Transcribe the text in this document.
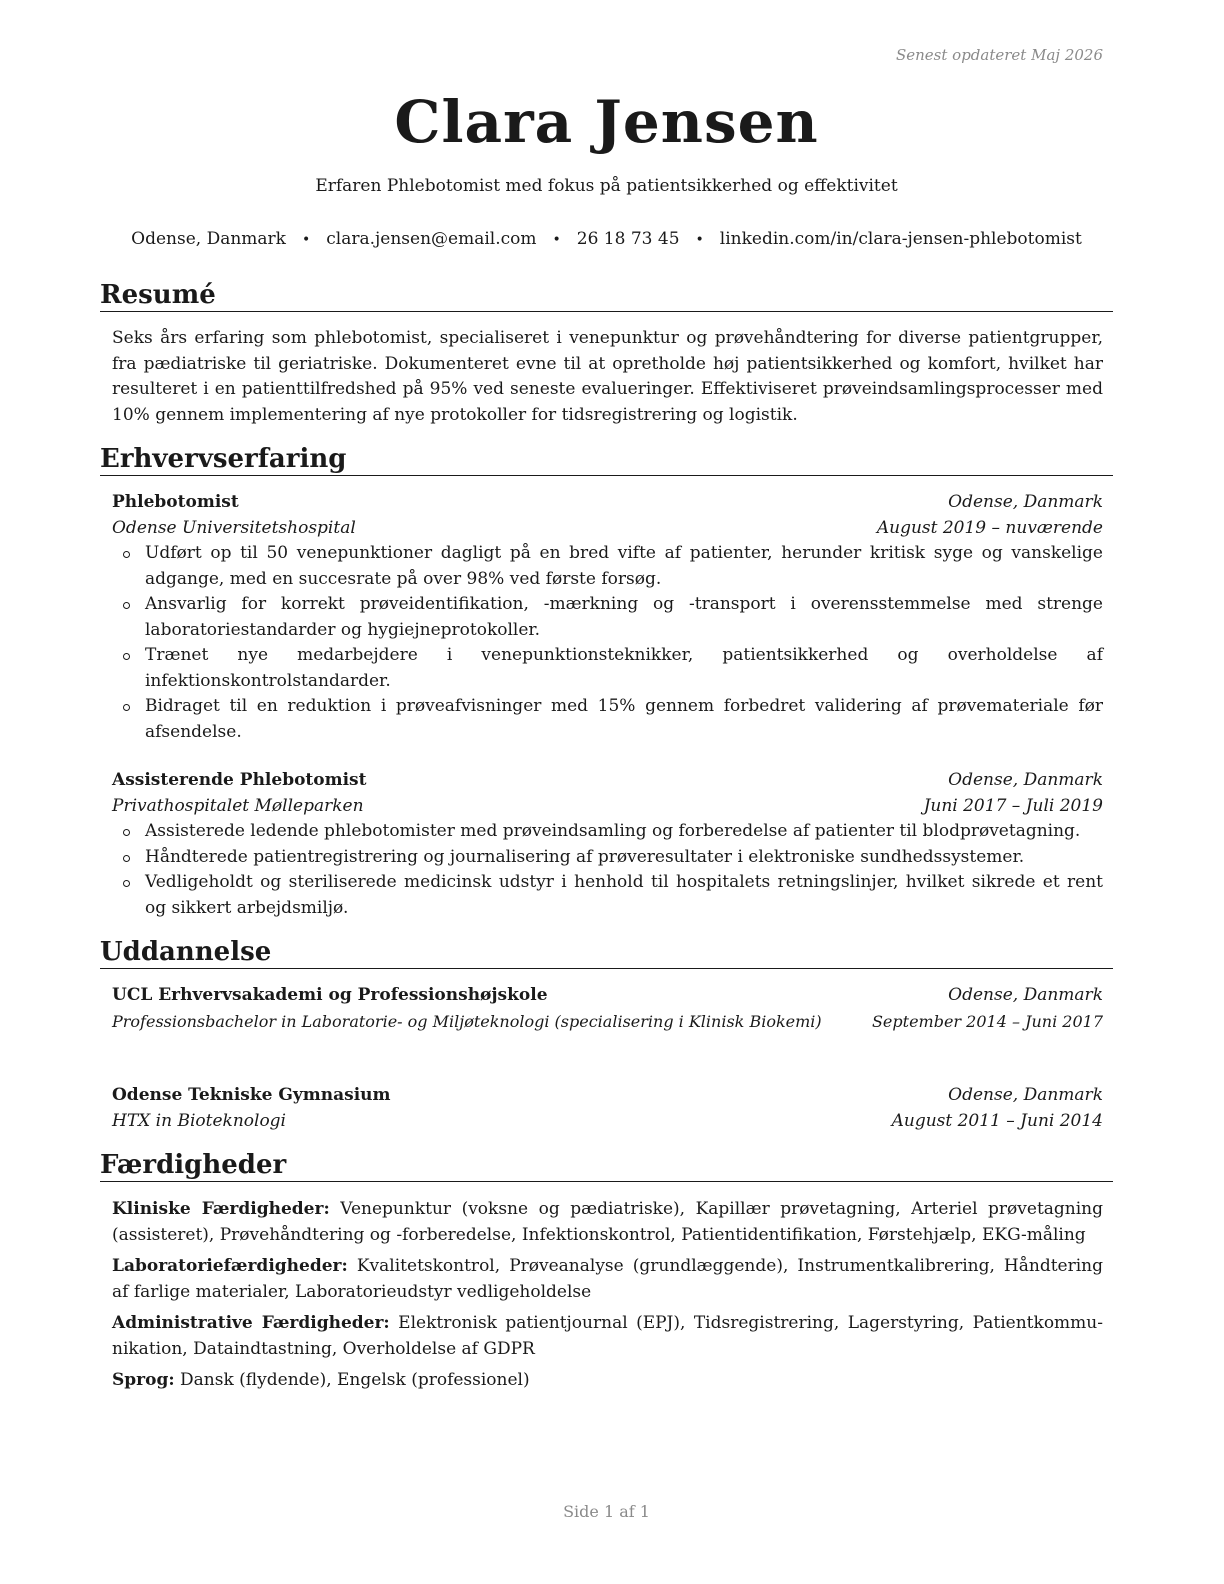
Senest opdateret Maj 2026
Clara Jensen
Erfaren Phlebotomist med fokus på patientsikkerhed og effektivitet
Odense, Danmark • clara.jensen@email.com • 26 18 73 45 • linkedin.com/in/clara-jensen-phlebotomist
Resumé
Seks års erfaring som phlebotomist, specialiseret i venepunktur og prøvehåndtering for diverse patientgrupper, fra pædiatriske til geriatriske. Dokumenteret evne til at opretholde høj patientsikkerhed og komfort, hvilket har resulteret i en patienttilfredshed på 95% ved seneste evalueringer. Effektiviseret prøveindsamlingsprocesser med 10% gennem implementering af nye protokoller for tidsregistrering og logistik.
Erhvervserfaring
Phlebotomist	Odense, Danmark
Odense Universitetshospital	August 2019 – nuværende
Udført op til 50 venepunktioner dagligt på en bred vifte af patienter, herunder kritisk syge og vanskelige adgange, med en succesrate på over 98% ved første forsøg.
Ansvarlig for korrekt prøveidentifikation, -mærkning og -transport i overensstemmelse med strenge laboratoriestandarder og hygiejneprotokoller.
Trænet nye medarbejdere i venepunktionsteknikker, patientsikkerhed og overholdelse af infektionskontrolstandarder.
Bidraget til en reduktion i prøveafvisninger med 15% gennem forbedret validering af prøvemateriale før afsendelse.
Assisterende Phlebotomist	Odense, Danmark
Privathospitalet Mølleparken	Juni 2017 – Juli 2019
Assisterede ledende phlebotomister med prøveindsamling og forberedelse af patienter til blodprøvetagning.
Håndterede patientregistrering og journalisering af prøveresultater i elektroniske sundhedssystemer.
Vedligeholdt og steriliserede medicinsk udstyr i henhold til hospitalets retningslinjer, hvilket sikrede et rent og sikkert arbejdsmiljø.
Uddannelse
UCL Erhvervsakademi og Professionshøjskole	Odense, Danmark
Professionsbachelor in Laboratorie- og Miljøteknologi (specialisering i Klinisk Biokemi)	September 2014 – Juni 2017
Odense Tekniske Gymnasium	Odense, Danmark
HTX in Bioteknologi	August 2011 – Juni 2014
Færdigheder
Kliniske Færdigheder: Venepunktur (voksne og pædiatriske), Kapillær prøvetagning, Arteriel prøvetagning (assisteret), Prøvehåndtering og -forberedelse, Infektionskontrol, Patientidentifikation, Førstehjælp, EKG-måling
Laboratoriefærdigheder: Kvalitetskontrol, Prøveanalyse (grundlæggende), Instrumentkalibrering, Håndtering af farlige materialer, Laboratorieudstyr vedligeholdelse
Administrative Færdigheder: Elektronisk patientjournal (EPJ), Tidsregistrering, Lagerstyring, Patientkommunikation, Dataindtastning, Overholdelse af GDPR
Sprog: Dansk (flydende), Engelsk (professionel)
Side 1 af 1
